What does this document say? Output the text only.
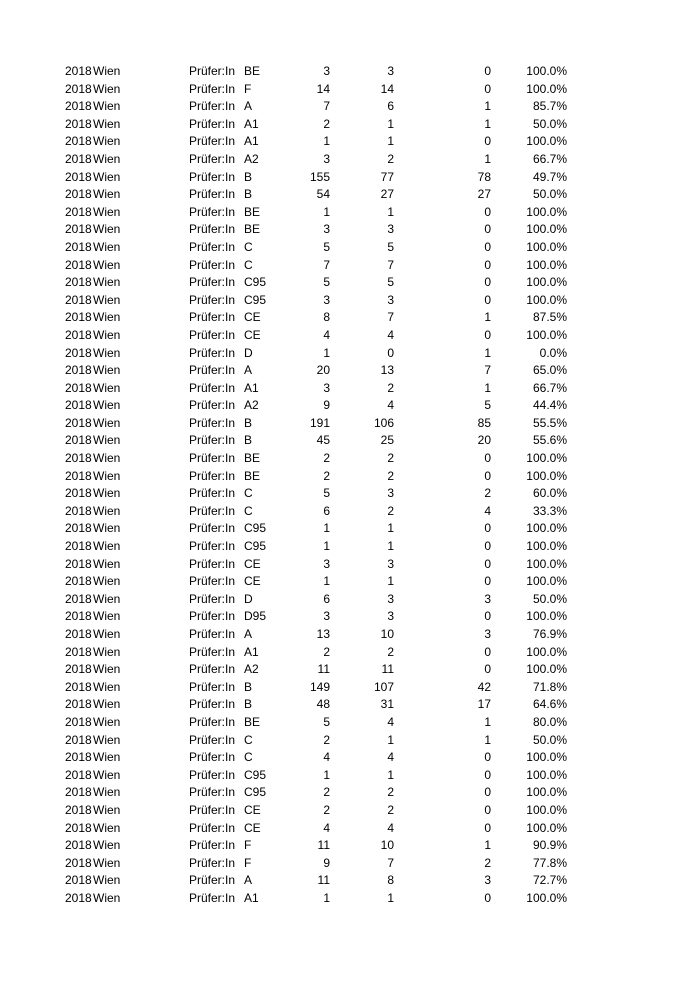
2018 Wien	Prüfer:In BE	3	3	0	100.0%
2018 Wien	Prüfer:In F	14	14	0	100.0%
2018 Wien	Prüfer:In A	7	6	1	85.7%
2018 Wien	Prüfer:In A1	2	1	1	50.0%
2018 Wien	Prüfer:In A1	1	1	0	100.0%
2018 Wien	Prüfer:In A2	3	2	1	66.7%
2018 Wien	Prüfer:In B	155	77	78	49.7%
2018 Wien	Prüfer:In B	54	27	27	50.0%
2018 Wien	Prüfer:In BE	1	1	0	100.0%
2018 Wien	Prüfer:In BE	3	3	0	100.0%
2018 Wien	Prüfer:In C	5	5	0	100.0%
2018 Wien	Prüfer:In C	7	7	0	100.0%
2018 Wien	Prüfer:In C95	5	5	0	100.0%
2018 Wien	Prüfer:In C95	3	3	0	100.0%
2018 Wien	Prüfer:In CE	8	7	1	87.5%
2018 Wien	Prüfer:In CE	4	4	0	100.0%
2018 Wien	Prüfer:In D	1	0	1	0.0%
2018 Wien	Prüfer:In A	20	13	7	65.0%
2018 Wien	Prüfer:In A1	3	2	1	66.7%
2018 Wien	Prüfer:In A2	9	4	5	44.4%
2018 Wien	Prüfer:In B	191	106	85	55.5%
2018 Wien	Prüfer:In B	45	25	20	55.6%
2018 Wien	Prüfer:In BE	2	2	0	100.0%
2018 Wien	Prüfer:In BE	2	2	0	100.0%
2018 Wien	Prüfer:In C	5	3	2	60.0%
2018 Wien	Prüfer:In C	6	2	4	33.3%
2018 Wien	Prüfer:In C95	1	1	0	100.0%
2018 Wien	Prüfer:In C95	1	1	0	100.0%
2018 Wien	Prüfer:In CE	3	3	0	100.0%
2018 Wien	Prüfer:In CE	1	1	0	100.0%
2018 Wien	Prüfer:In D	6	3	3	50.0%
2018 Wien	Prüfer:In D95	3	3	0	100.0%
2018 Wien	Prüfer:In A	13	10	3	76.9%
2018 Wien	Prüfer:In A1	2	2	0	100.0%
2018 Wien	Prüfer:In A2	11	11	0	100.0%
2018 Wien	Prüfer:In B	149	107	42	71.8%
2018 Wien	Prüfer:In B	48	31	17	64.6%
2018 Wien	Prüfer:In BE	5	4	1	80.0%
2018 Wien	Prüfer:In C	2	1	1	50.0%
2018 Wien	Prüfer:In C	4	4	0	100.0%
2018 Wien	Prüfer:In C95	1	1	0	100.0%
2018 Wien	Prüfer:In C95	2	2	0	100.0%
2018 Wien	Prüfer:In CE	2	2	0	100.0%
2018 Wien	Prüfer:In CE	4	4	0	100.0%
2018 Wien	Prüfer:In F	11	10	1	90.9%
2018 Wien	Prüfer:In F	9	7	2	77.8%
2018 Wien	Prüfer:In A	11	8	3	72.7%
2018 Wien	Prüfer:In A1	1	1	0	100.0%
